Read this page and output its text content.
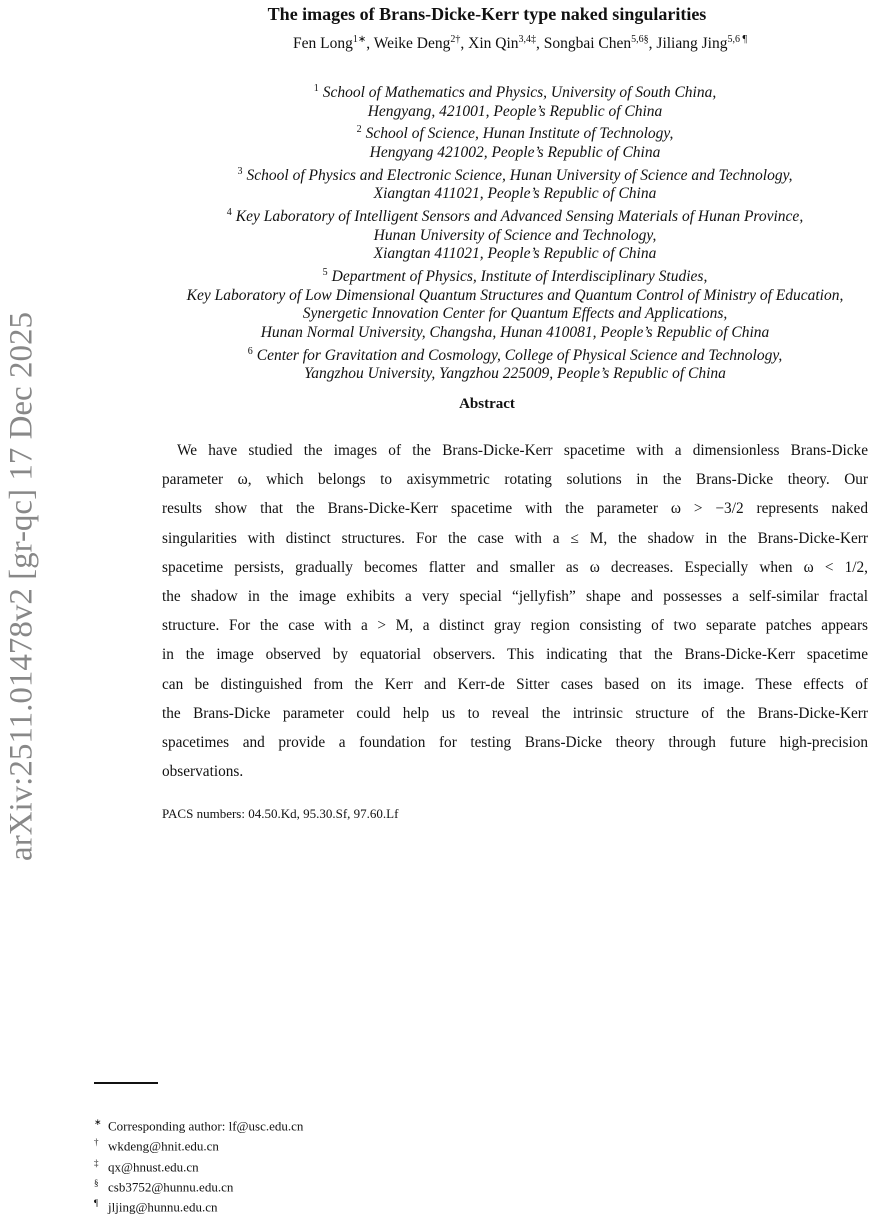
arXiv:2511.01478v2 [gr-qc] 17 Dec 2025
The images of Brans-Dicke-Kerr type naked singularities
Fen Long$^{1∗}$, Weike Deng$^{2\dagger}$, Xin Qin$^{3,4\ddagger}$, Songbai Chen$^{5,6\S}$, Jiliang Jing$^{5,6 \P}$
$^1$ School of Mathematics and Physics, University of South China,
Hengyang, 421001, People’s Republic of China
$^2$ School of Science, Hunan Institute of Technology,
Hengyang 421002, People’s Republic of China
$^3$ School of Physics and Electronic Science, Hunan University of Science and Technology,
Xiangtan 411021, People’s Republic of China
$^4$ Key Laboratory of Intelligent Sensors and Advanced Sensing Materials of Hunan Province,
Hunan University of Science and Technology,
Xiangtan 411021, People’s Republic of China
$^5$ Department of Physics, Institute of Interdisciplinary Studies,
Key Laboratory of Low Dimensional Quantum Structures and Quantum Control of Ministry of Education,
Synergetic Innovation Center for Quantum Effects and Applications,
Hunan Normal University, Changsha, Hunan 410081, People’s Republic of China
$^6$ Center for Gravitation and Cosmology, College of Physical Science and Technology,
Yangzhou University, Yangzhou 225009, People’s Republic of China
Abstract
We have studied the images of the Brans-Dicke-Kerr spacetime with a dimensionless Brans-Dicke
parameter ω, which belongs to axisymmetric rotating solutions in the Brans-Dicke theory. Our
results show that the Brans-Dicke-Kerr spacetime with the parameter ω > −3/2 represents naked
singularities with distinct structures. For the case with a ≤ M, the shadow in the Brans-Dicke-Kerr
spacetime persists, gradually becomes flatter and smaller as ω decreases. Especially when ω < 1/2,
the shadow in the image exhibits a very special “jellyfish” shape and possesses a self-similar fractal
structure. For the case with a > M, a distinct gray region consisting of two separate patches appears
in the image observed by equatorial observers. This indicating that the Brans-Dicke-Kerr spacetime
can be distinguished from the Kerr and Kerr-de Sitter cases based on its image. These effects of
the Brans-Dicke parameter could help us to reveal the intrinsic structure of the Brans-Dicke-Kerr
spacetimes and provide a foundation for testing Brans-Dicke theory through future high-precision
observations.
PACS numbers: 04.50.Kd, 95.30.Sf, 97.60.Lf
∗ Corresponding author: lf@usc.edu.cn
† wkdeng@hnit.edu.cn
‡ qx@hnust.edu.cn
§ csb3752@hunnu.edu.cn
¶ jljing@hunnu.edu.cn
